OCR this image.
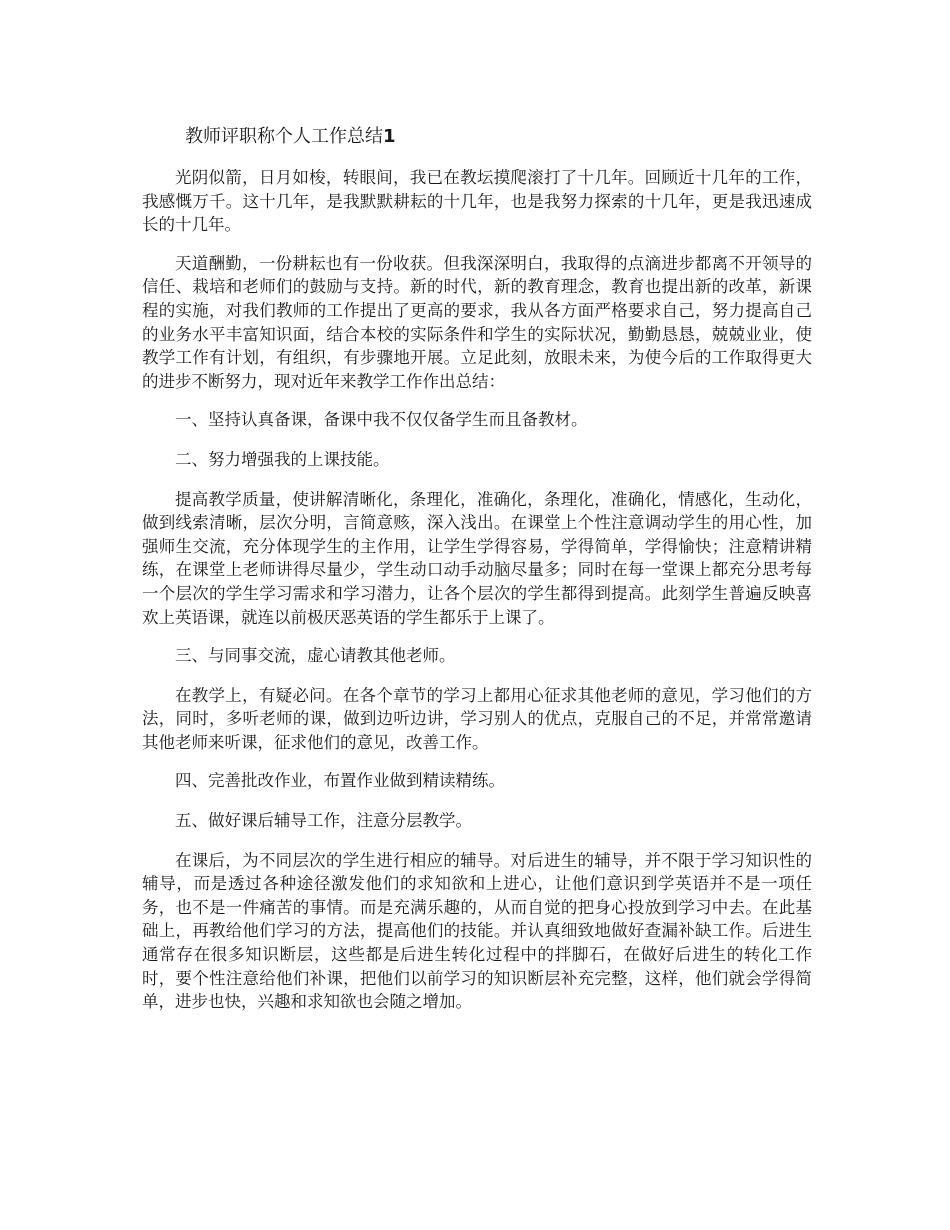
教师评职称个人工作总结1

光阴似箭，日月如梭，转眼间，我已在教坛摸爬滚打了十几年。回顾近十几年的工作，我感慨万千。这十几年，是我默默耕耘的十几年，也是我努力探索的十几年，更是我迅速成长的十几年。

天道酬勤，一份耕耘也有一份收获。但我深深明白，我取得的点滴进步都离不开领导的信任、栽培和老师们的鼓励与支持。新的时代，新的教育理念，教育也提出新的改革，新课程的实施，对我们教师的工作提出了更高的要求，我从各方面严格要求自己，努力提高自己的业务水平丰富知识面，结合本校的实际条件和学生的实际状况，勤勤恳恳，兢兢业业，使教学工作有计划，有组织，有步骤地开展。立足此刻，放眼未来，为使今后的工作取得更大的进步不断努力，现对近年来教学工作作出总结：

一、坚持认真备课，备课中我不仅仅备学生而且备教材。

二、努力增强我的上课技能。

提高教学质量，使讲解清晰化，条理化，准确化，条理化，准确化，情感化，生动化，做到线索清晰，层次分明，言简意赅，深入浅出。在课堂上个性注意调动学生的用心性，加强师生交流，充分体现学生的主作用，让学生学得容易，学得简单，学得愉快；注意精讲精练，在课堂上老师讲得尽量少，学生动口动手动脑尽量多；同时在每一堂课上都充分思考每一个层次的学生学习需求和学习潜力，让各个层次的学生都得到提高。此刻学生普遍反映喜欢上英语课，就连以前极厌恶英语的学生都乐于上课了。

三、与同事交流，虚心请教其他老师。

在教学上，有疑必问。在各个章节的学习上都用心征求其他老师的意见，学习他们的方法，同时，多听老师的课，做到边听边讲，学习别人的优点，克服自己的不足，并常常邀请其他老师来听课，征求他们的意见，改善工作。

四、完善批改作业，布置作业做到精读精练。

五、做好课后辅导工作，注意分层教学。

在课后，为不同层次的学生进行相应的辅导。对后进生的辅导，并不限于学习知识性的辅导，而是透过各种途径激发他们的求知欲和上进心，让他们意识到学英语并不是一项任务，也不是一件痛苦的事情。而是充满乐趣的，从而自觉的把身心投放到学习中去。在此基础上，再教给他们学习的方法，提高他们的技能。并认真细致地做好查漏补缺工作。后进生通常存在很多知识断层，这些都是后进生转化过程中的拌脚石，在做好后进生的转化工作时，要个性注意给他们补课，把他们以前学习的知识断层补充完整，这样，他们就会学得简单，进步也快，兴趣和求知欲也会随之增加。
